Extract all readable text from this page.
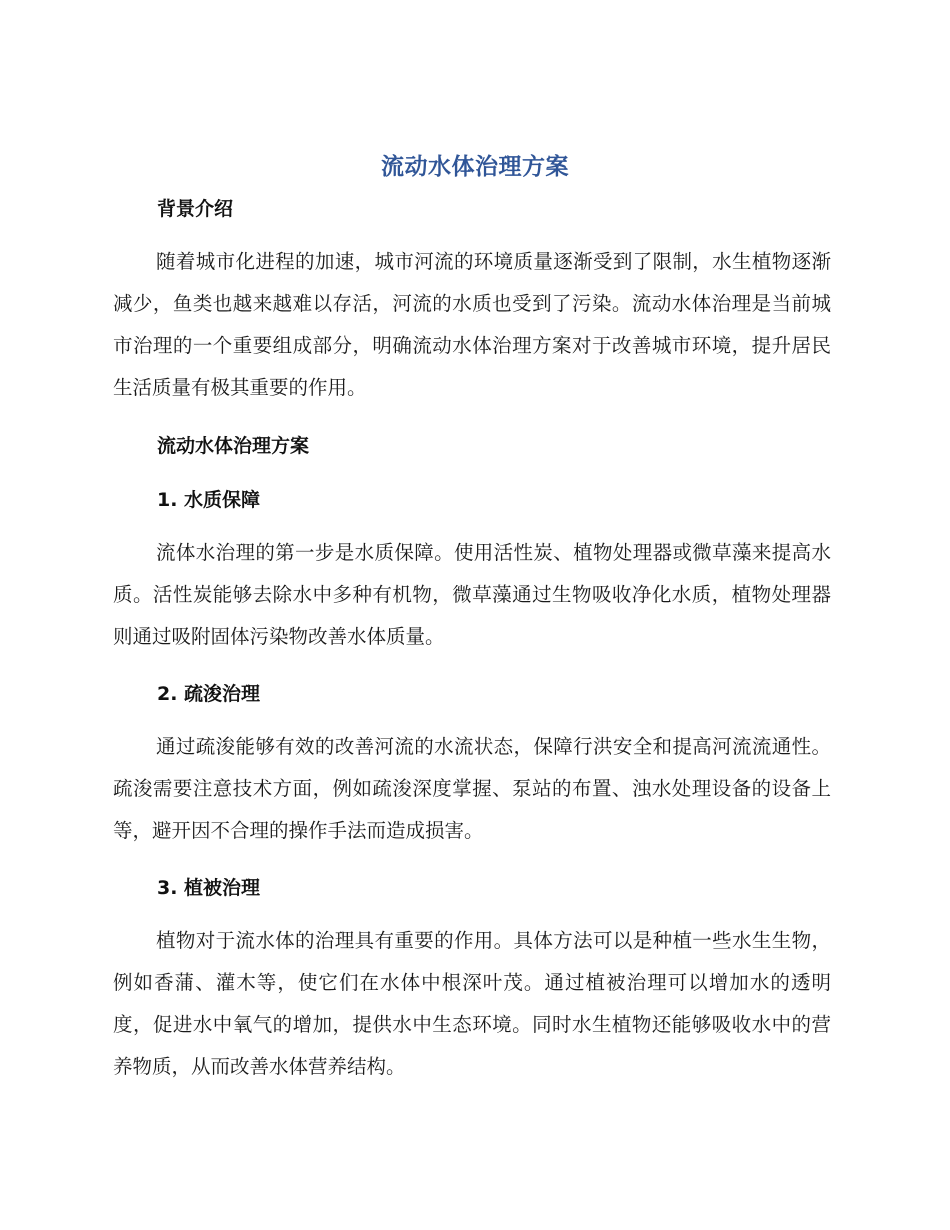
流动水体治理方案
背景介绍
随着城市化进程的加速，城市河流的环境质量逐渐受到了限制，水生植物逐渐减少，鱼类也越来越难以存活，河流的水质也受到了污染。流动水体治理是当前城市治理的一个重要组成部分，明确流动水体治理方案对于改善城市环境，提升居民生活质量有极其重要的作用。
流动水体治理方案
1. 水质保障
流体水治理的第一步是水质保障。使用活性炭、植物处理器或微草藻来提高水质。活性炭能够去除水中多种有机物，微草藻通过生物吸收净化水质，植物处理器则通过吸附固体污染物改善水体质量。
2. 疏浚治理
通过疏浚能够有效的改善河流的水流状态，保障行洪安全和提高河流流通性。疏浚需要注意技术方面，例如疏浚深度掌握、泵站的布置、浊水处理设备的设备上等，避开因不合理的操作手法而造成损害。
3. 植被治理
植物对于流水体的治理具有重要的作用。具体方法可以是种植一些水生生物，例如香蒲、灌木等，使它们在水体中根深叶茂。通过植被治理可以增加水的透明度，促进水中氧气的增加，提供水中生态环境。同时水生植物还能够吸收水中的营养物质，从而改善水体营养结构。
